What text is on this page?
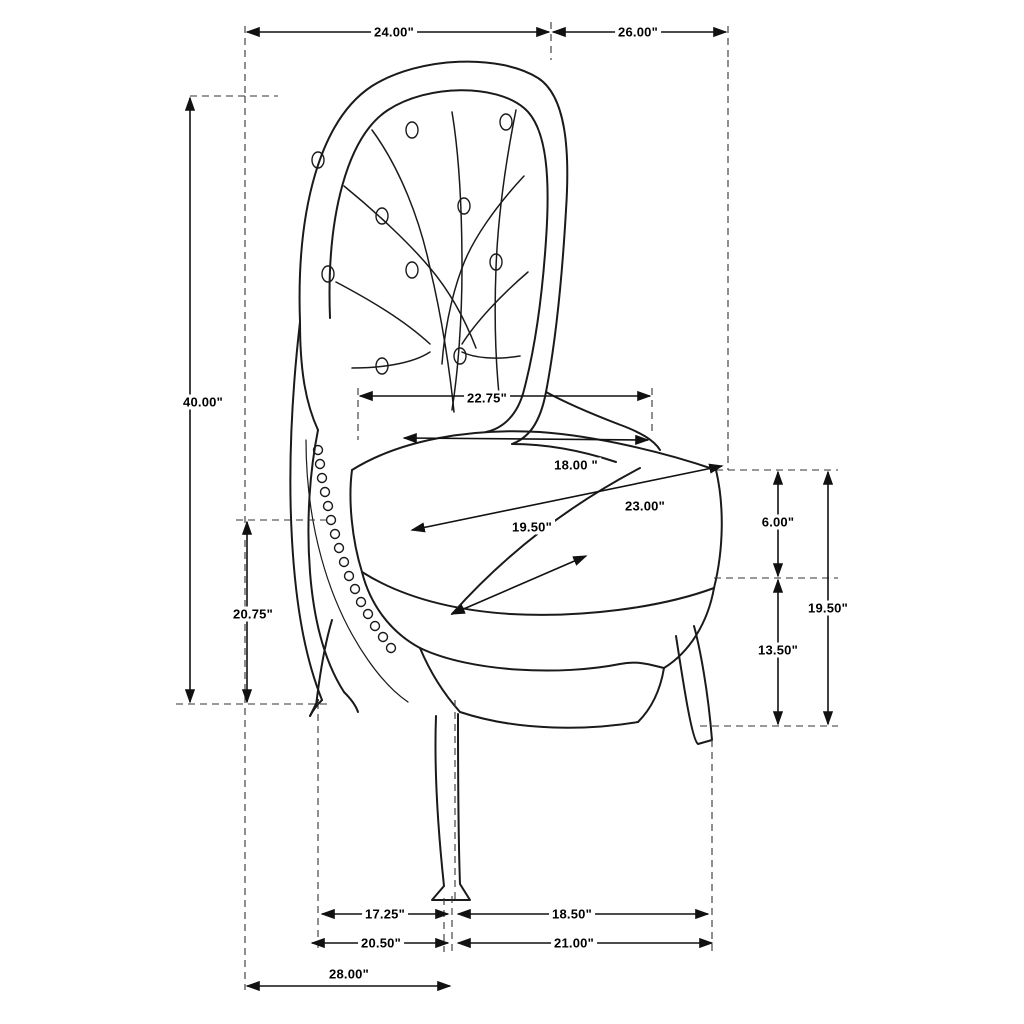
24.00"	26.00"
40.00"	22.75"
18.00 "
23.00"
19.50"
20.75"
6.00"
19.50"
13.50"
17.25"	18.50"
20.50"	21.00"
28.00"
